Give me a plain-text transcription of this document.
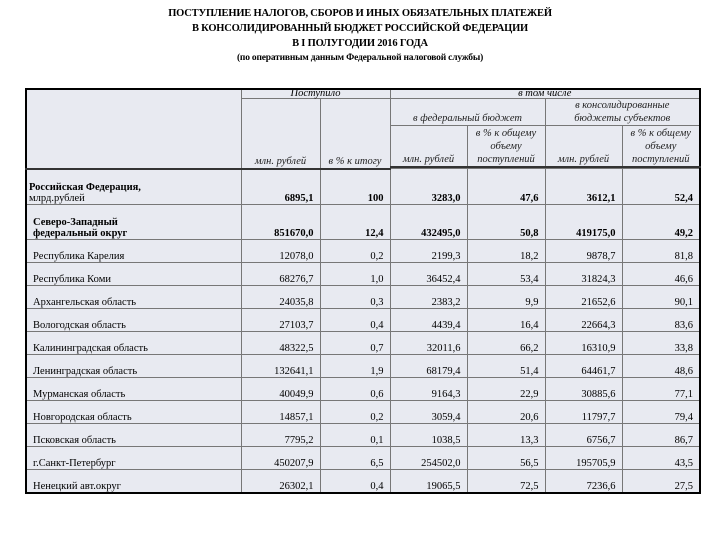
ПОСТУПЛЕНИЕ НАЛОГОВ, СБОРОВ И ИНЫХ ОБЯЗАТЕЛЬНЫХ ПЛАТЕЖЕЙ
В КОНСОЛИДИРОВАННЫЙ БЮДЖЕТ РОССИЙСКОЙ ФЕДЕРАЦИИ
В I ПОЛУГОДИИ 2016 ГОДА
(по оперативным данным Федеральной налоговой службы)
	Поступило		в том числе			
	млн. рублей	в % к итогу	в федеральный бюджет		в консолидированные бюджеты субъектов	
			млн. рублей	в % к общему объему поступлений	млн. рублей	в % к общему объему поступлений

Российская Федерация,
млрд.рублей	6895,1	100	3283,0	47,6	3612,1	52,4

Северо-Западный
федеральный округ	851670,0	12,4	432495,0	50,8	419175,0	49,2
Республика Карелия	12078,0	0,2	2199,3	18,2	9878,7	81,8
Республика Коми	68276,7	1,0	36452,4	53,4	31824,3	46,6
Архангельская область	24035,8	0,3	2383,2	9,9	21652,6	90,1
Вологодская область	27103,7	0,4	4439,4	16,4	22664,3	83,6
Калининградская область	48322,5	0,7	32011,6	66,2	16310,9	33,8
Ленинградская область	132641,1	1,9	68179,4	51,4	64461,7	48,6
Мурманская область	40049,9	0,6	9164,3	22,9	30885,6	77,1
Новгородская область	14857,1	0,2	3059,4	20,6	11797,7	79,4
Псковская область	7795,2	0,1	1038,5	13,3	6756,7	86,7
г.Санкт-Петербург	450207,9	6,5	254502,0	56,5	195705,9	43,5
Ненецкий авт.округ	26302,1	0,4	19065,5	72,5	7236,6	27,5
